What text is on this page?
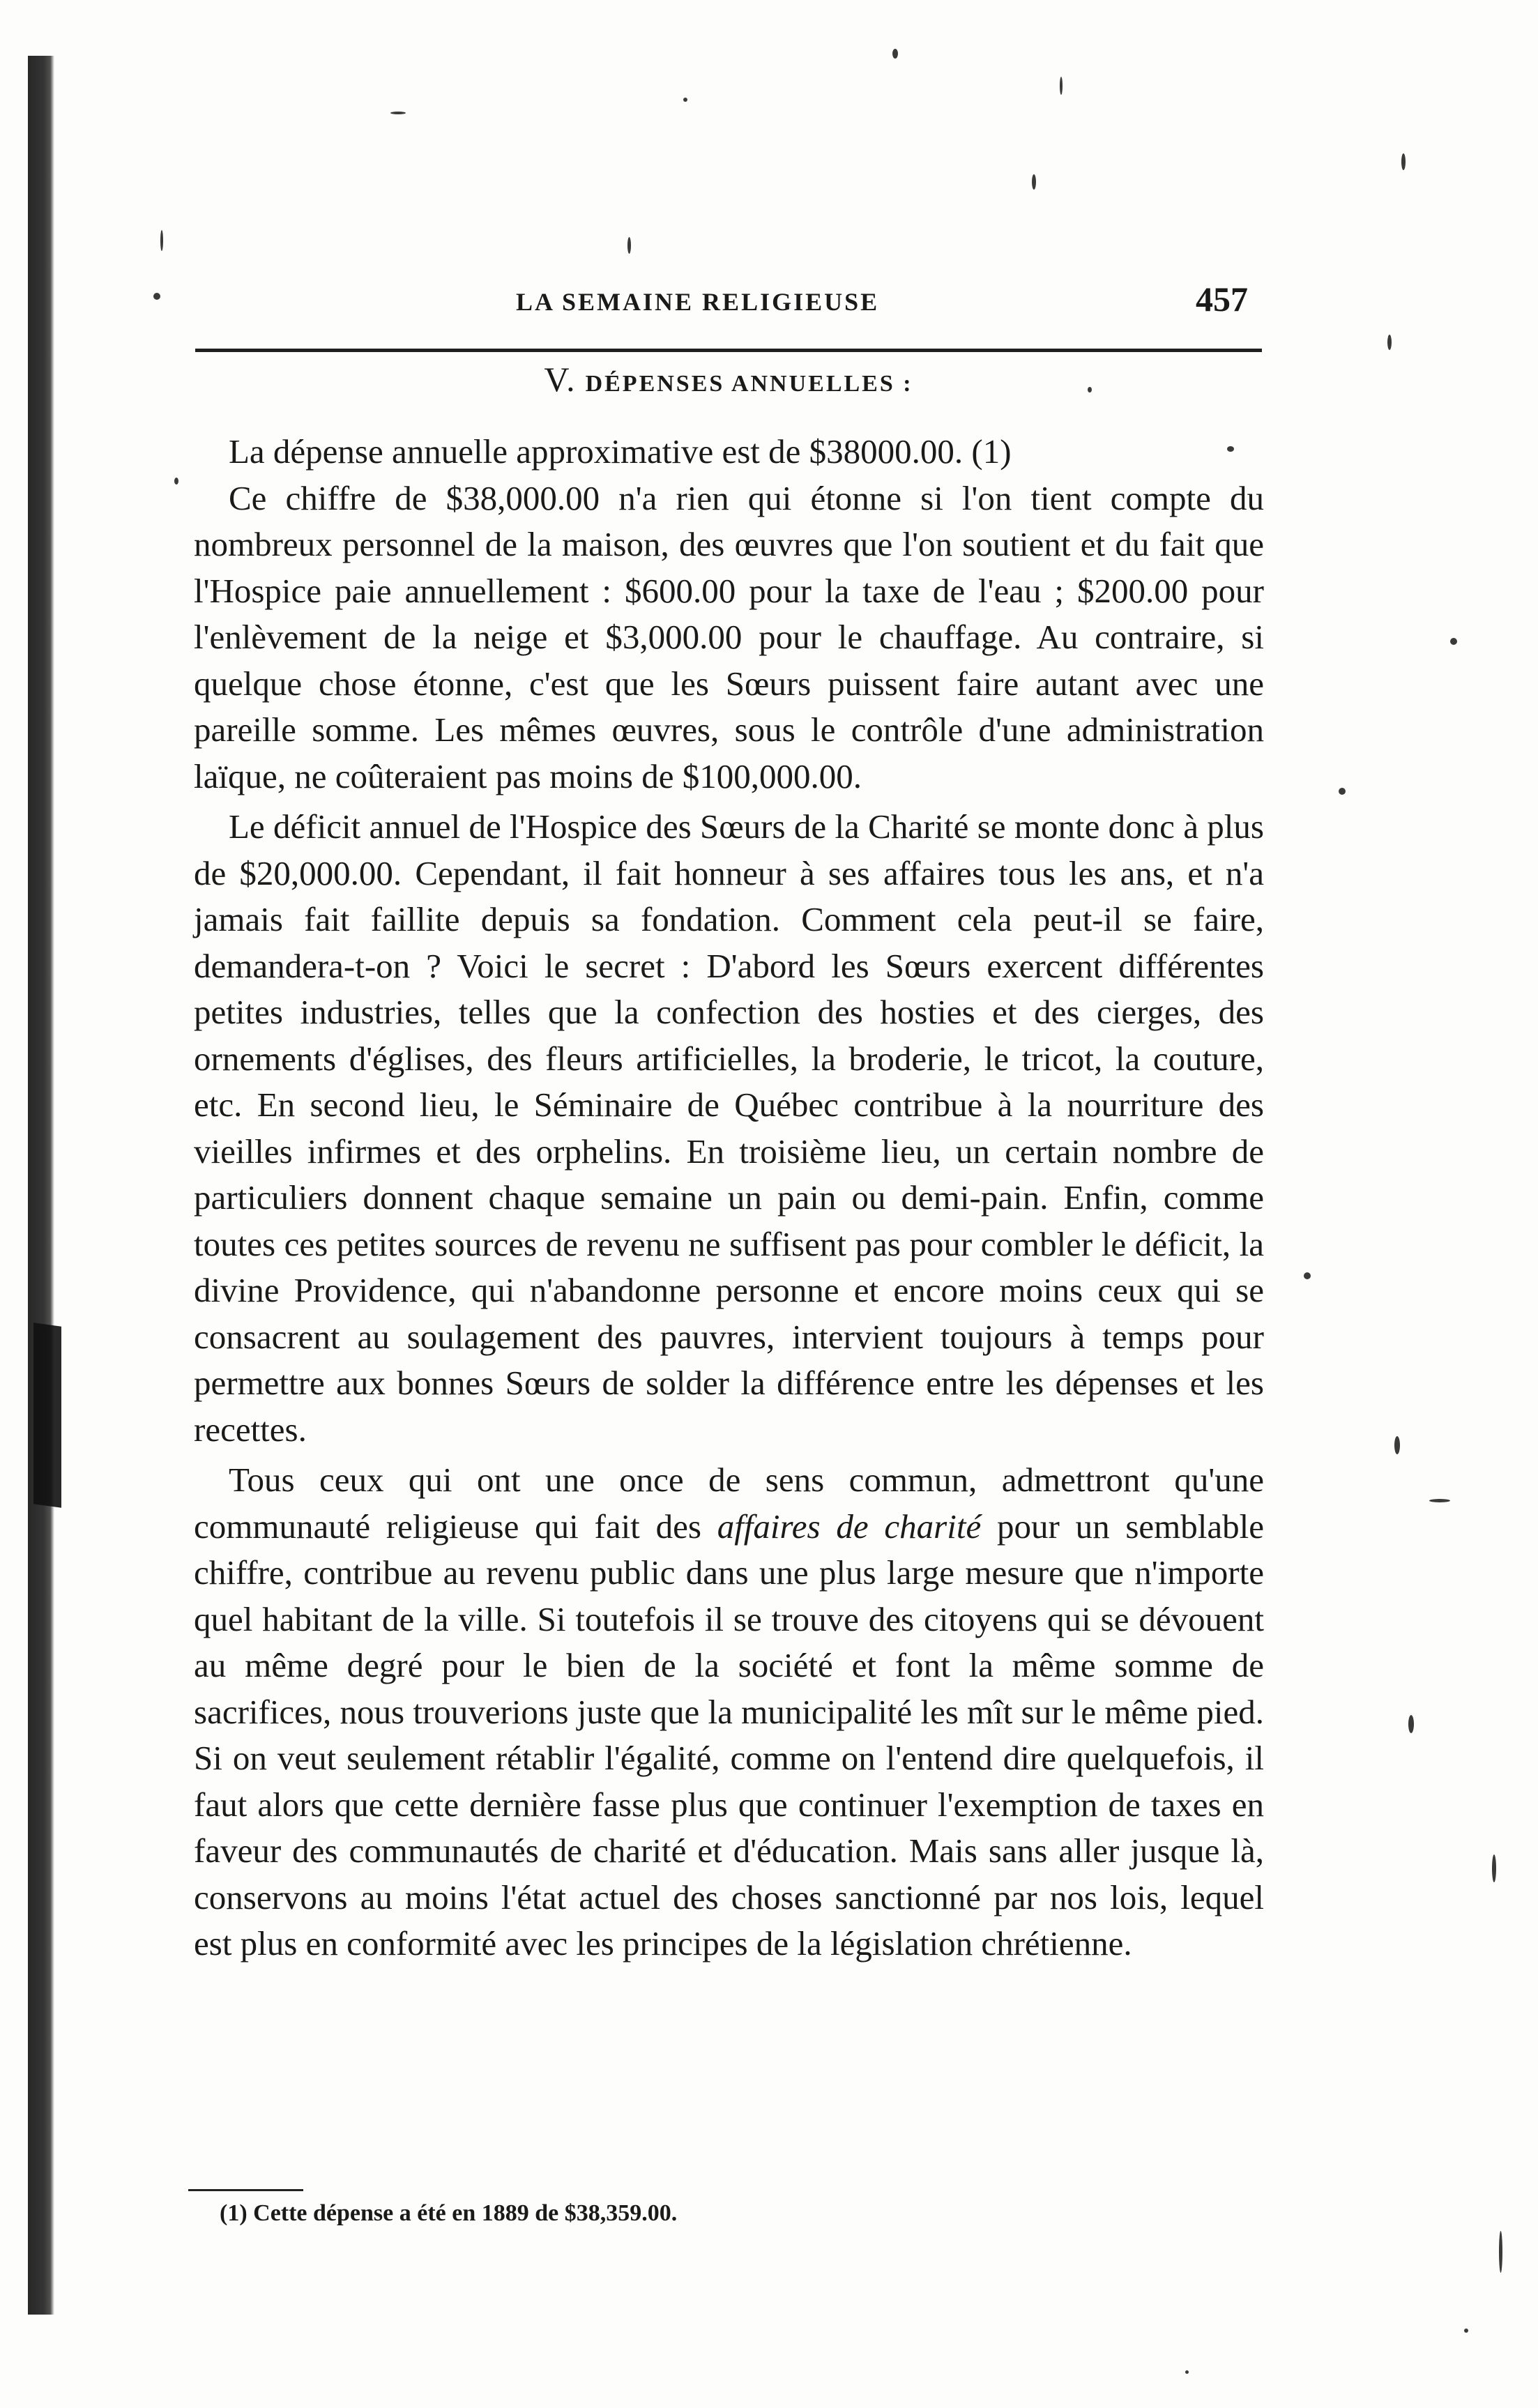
LA SEMAINE RELIGIEUSE	457
V. DÉPENSES ANNUELLES :

La dépense annuelle approximative est de $38000.00. (1)

Ce chiffre de $38,000.00 n'a rien qui étonne si l'on tient compte du nombreux personnel de la maison, des œuvres que l'on soutient et du fait que l'Hospice paie annuellement : $600.00 pour la taxe de l'eau ; $200.00 pour l'enlèvement de la neige et $3,000.00 pour le chauffage. Au contraire, si quelque chose étonne, c'est que les Sœurs puissent faire autant avec une pareille somme. Les mêmes œuvres, sous le contrôle d'une administration laïque, ne coûteraient pas moins de $100,000.00.

Le déficit annuel de l'Hospice des Sœurs de la Charité se monte donc à plus de $20,000.00. Cependant, il fait honneur à ses affaires tous les ans, et n'a jamais fait faillite depuis sa fondation. Comment cela peut-il se faire, demandera-t-on ? Voici le secret : D'abord les Sœurs exercent différentes petites industries, telles que la confection des hosties et des cierges, des ornements d'églises, des fleurs artificielles, la broderie, le tricot, la couture, etc. En second lieu, le Séminaire de Québec contribue à la nourriture des vieilles infirmes et des orphelins. En troisième lieu, un certain nombre de particuliers donnent chaque semaine un pain ou demi-pain. Enfin, comme toutes ces petites sources de revenu ne suffisent pas pour combler le déficit, la divine Providence, qui n'abandonne personne et encore moins ceux qui se consacrent au soulagement des pauvres, intervient toujours à temps pour permettre aux bonnes Sœurs de solder la différence entre les dépenses et les recettes.

Tous ceux qui ont une once de sens commun, admettront qu'une communauté religieuse qui fait des affaires de charité pour un semblable chiffre, contribue au revenu public dans une plus large mesure que n'importe quel habitant de la ville. Si toutefois il se trouve des citoyens qui se dévouent au même degré pour le bien de la société et font la même somme de sacrifices, nous trouverions juste que la municipalité les mît sur le même pied. Si on veut seulement rétablir l'égalité, comme on l'entend dire quelquefois, il faut alors que cette dernière fasse plus que continuer l'exemption de taxes en faveur des communautés de charité et d'éducation. Mais sans aller jusque là, conservons au moins l'état actuel des choses sanctionné par nos lois, lequel est plus en conformité avec les principes de la législation chrétienne.

(1) Cette dépense a été en 1889 de $38,359.00.
